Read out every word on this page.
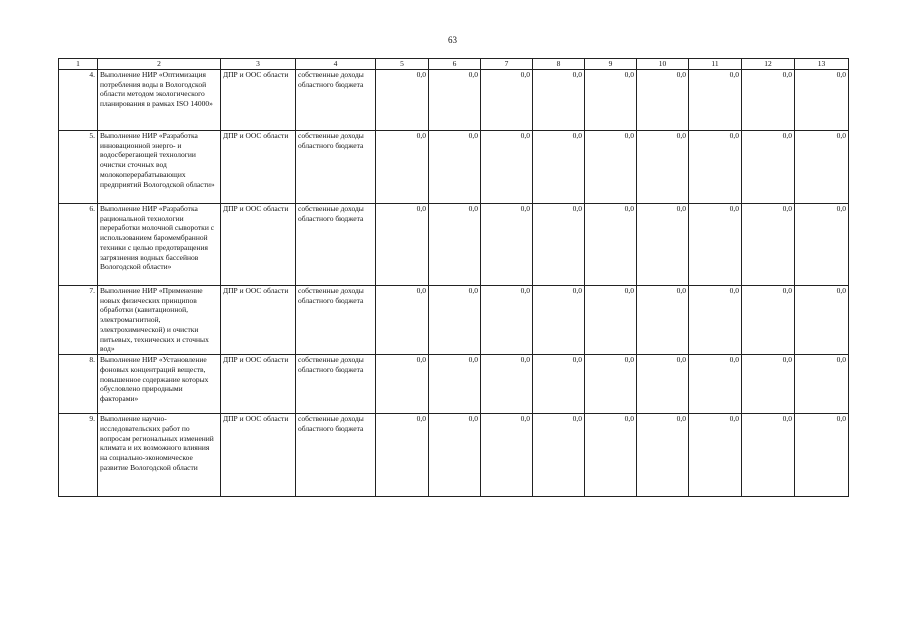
63
1	2	3	4	5	6	7	8	9	10	11	12	13
4.	Выполнение НИР «Оптимизация потребления воды в Вологодской области методом экологического планирования в рамках ISO 14000»	ДПР и ООС области	собственные доходы областного бюджета	0,0	0,0	0,0	0,0	0,0	0,0	0,0	0,0	0,0
5.	Выполнение НИР «Разработка инновационной энерго- и водосберегающей технологии очистки сточных вод молокоперерабатывающих предприятий Вологодской области»	ДПР и ООС области	собственные доходы областного бюджета	0,0	0,0	0,0	0,0	0,0	0,0	0,0	0,0	0,0
6.	Выполнение НИР «Разработка рациональной технологии переработки молочной сыворотки с использованием баромембранной техники с целью предотвращения загрязнения водных бассейнов Вологодской области»	ДПР и ООС области	собственные доходы областного бюджета	0,0	0,0	0,0	0,0	0,0	0,0	0,0	0,0	0,0
7.	Выполнение НИР «Применение новых физических принципов обработки (кавитационной, электромагнитной, электрохимической) и очистки питьевых, технических и сточных вод»	ДПР и ООС области	собственные доходы областного бюджета	0,0	0,0	0,0	0,0	0,0	0,0	0,0	0,0	0,0
8.	Выполнение НИР «Установление фоновых концентраций веществ, повышенное содержание которых обусловлено природными факторами»	ДПР и ООС области	собственные доходы областного бюджета	0,0	0,0	0,0	0,0	0,0	0,0	0,0	0,0	0,0
9.	Выполнение научно-исследовательских работ по вопросам региональных изменений климата и их возможного влияния на социально-экономическое развитие Вологодской области	ДПР и ООС области	собственные доходы областного бюджета	0,0	0,0	0,0	0,0	0,0	0,0	0,0	0,0	0,0
